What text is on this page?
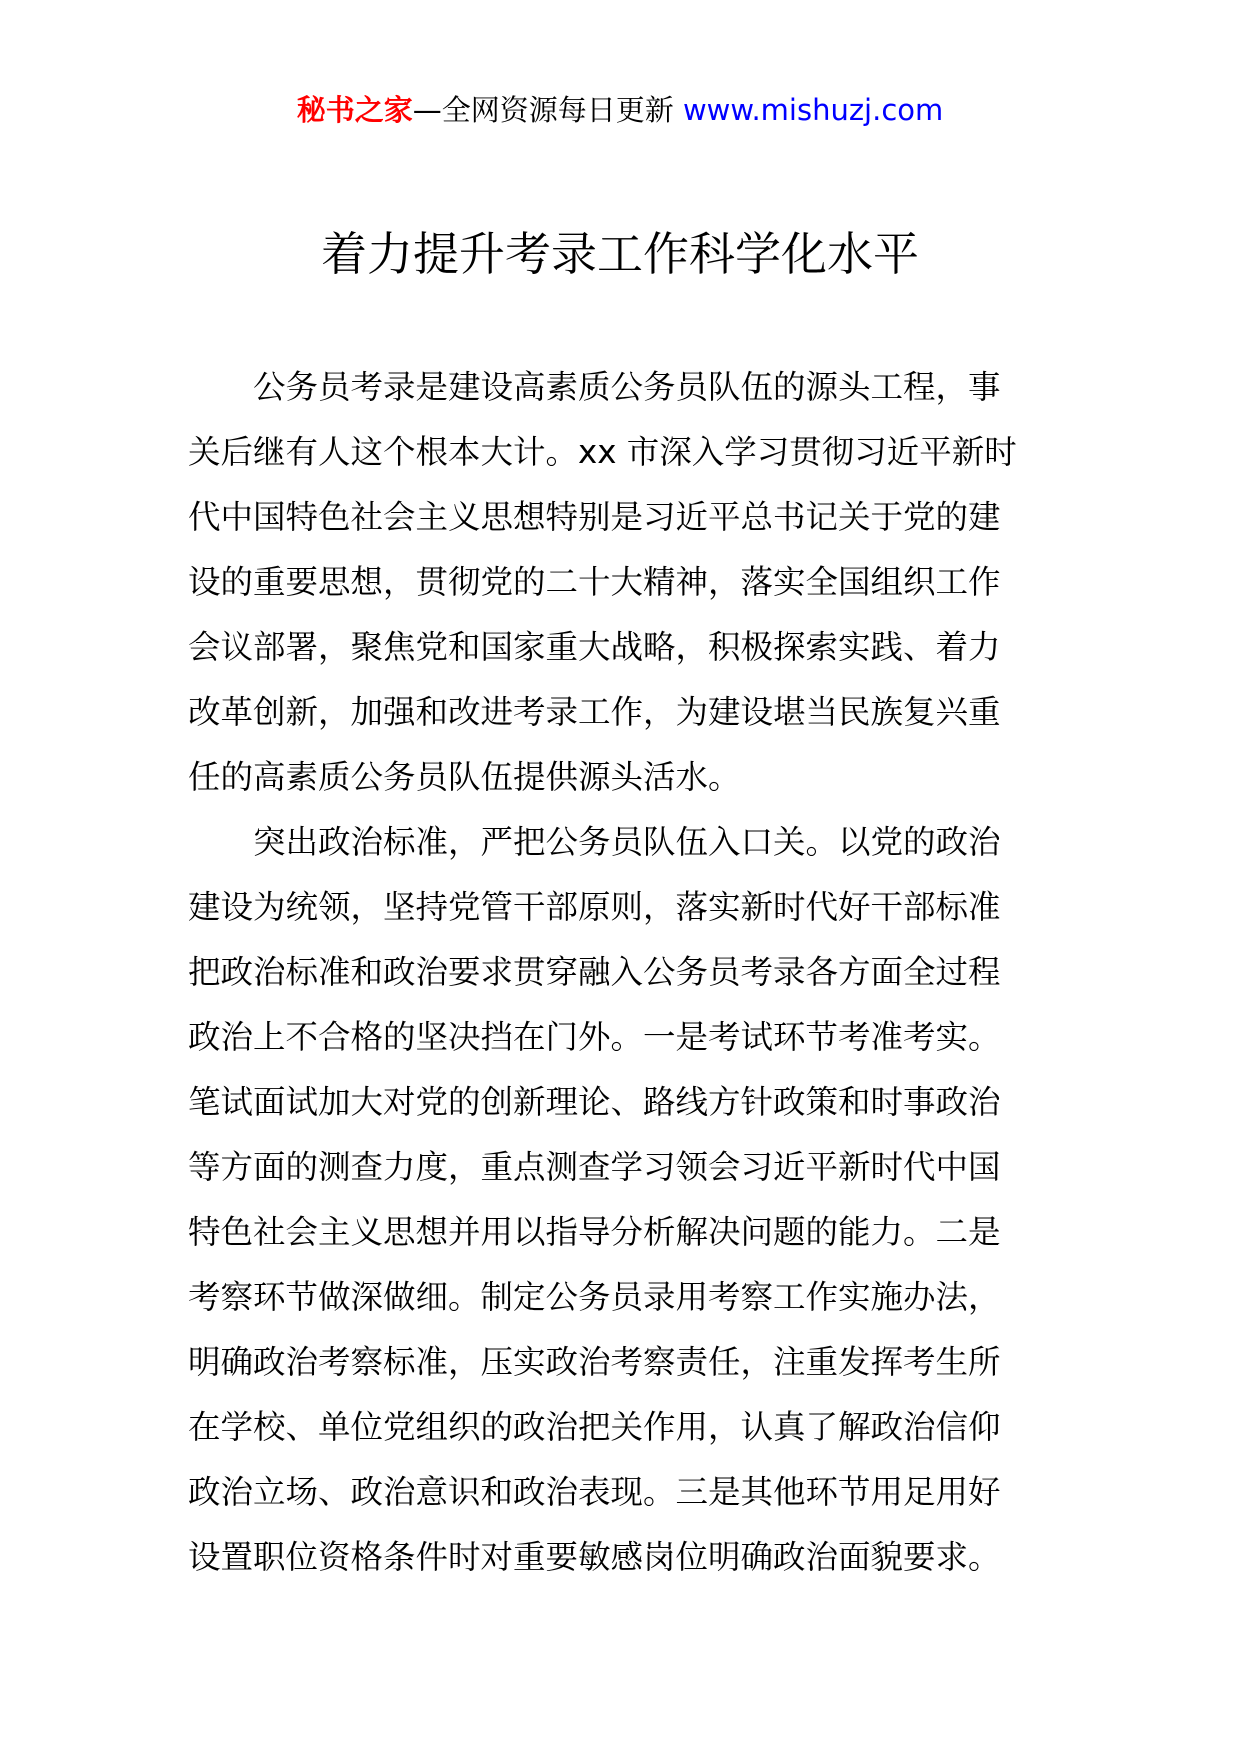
秘书之家—全网资源每日更新 www.mishuzj.com
着力提升考录工作科学化水平
公务员考录是建设高素质公务员队伍的源头工程，事
关后继有人这个根本大计。xx 市深入学习贯彻习近平新时
代中国特色社会主义思想特别是习近平总书记关于党的建
设的重要思想，贯彻党的二十大精神，落实全国组织工作
会议部署，聚焦党和国家重大战略，积极探索实践、着力
改革创新，加强和改进考录工作，为建设堪当民族复兴重
任的高素质公务员队伍提供源头活水。
突出政治标准，严把公务员队伍入口关。以党的政治
建设为统领，坚持党管干部原则，落实新时代好干部标准
把政治标准和政治要求贯穿融入公务员考录各方面全过程
政治上不合格的坚决挡在门外。一是考试环节考准考实。
笔试面试加大对党的创新理论、路线方针政策和时事政治
等方面的测查力度，重点测查学习领会习近平新时代中国
特色社会主义思想并用以指导分析解决问题的能力。二是
考察环节做深做细。制定公务员录用考察工作实施办法，
明确政治考察标准，压实政治考察责任，注重发挥考生所
在学校、单位党组织的政治把关作用，认真了解政治信仰
政治立场、政治意识和政治表现。三是其他环节用足用好
设置职位资格条件时对重要敏感岗位明确政治面貌要求。
